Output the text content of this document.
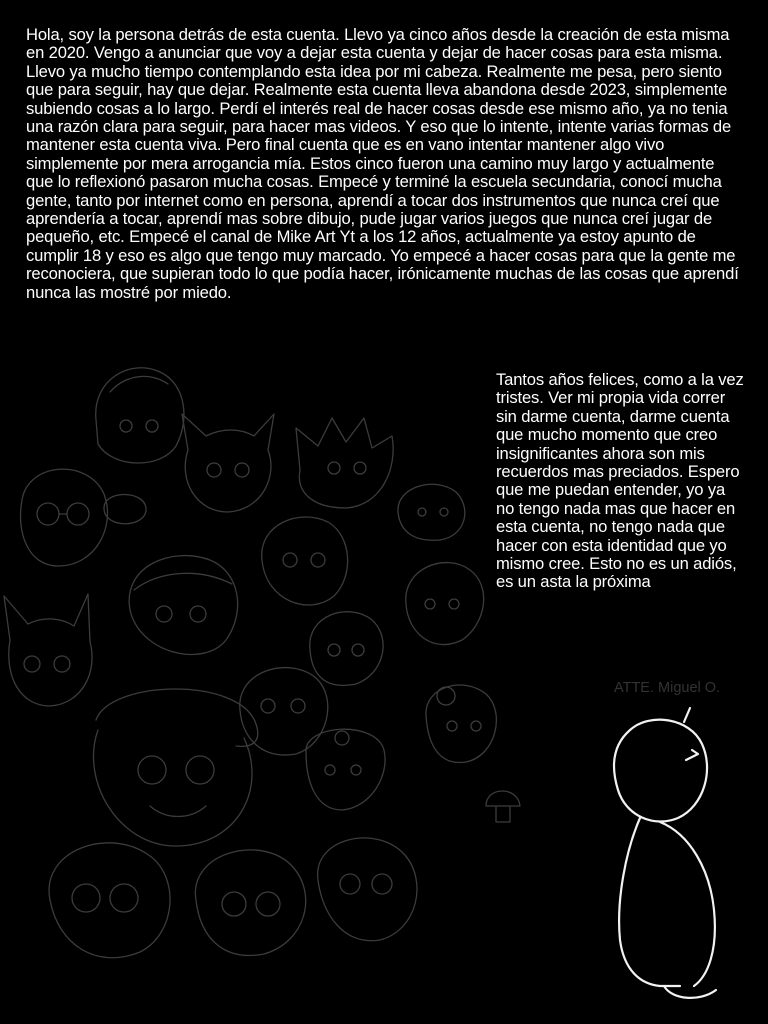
Hola, soy la persona detrás de esta cuenta. Llevo ya cinco años desde la creación de esta misma en 2020. Vengo a anunciar que voy a dejar esta cuenta y dejar de hacer cosas para esta misma. Llevo ya mucho tiempo contemplando esta idea por mi cabeza. Realmente me pesa, pero siento que para seguir, hay que dejar. Realmente esta cuenta lleva abandona desde 2023, simplemente subiendo cosas a lo largo. Perdí el interés real de hacer cosas desde ese mismo año, ya no tenia una razón clara para seguir, para hacer mas videos. Y eso que lo intente, intente varias formas de mantener esta cuenta viva. Pero final cuenta que es en vano intentar mantener algo vivo simplemente por mera arrogancia mía. Estos cinco fueron una camino muy largo y actualmente que lo reflexionó pasaron mucha cosas. Empecé y terminé la escuela secundaria, conocí mucha gente, tanto por internet como en persona, aprendí a tocar dos instrumentos que nunca creí que aprendería a tocar, aprendí mas sobre dibujo, pude jugar varios juegos que nunca creí jugar de pequeño, etc. Empecé el canal de Mike Art Yt a los 12 años, actualmente ya estoy apunto de cumplir 18 y eso es algo que tengo muy marcado. Yo empecé a hacer cosas para que la gente me reconociera, que supieran todo lo que podía hacer, irónicamente muchas de las cosas que aprendí nunca las mostré por miedo.

Tantos años felices, como a la vez tristes. Ver mi propia vida correr sin darme cuenta, darme cuenta que mucho momento que creo insignificantes ahora son mis recuerdos mas preciados. Espero que me puedan entender, yo ya no tengo nada mas que hacer en esta cuenta, no tengo nada que hacer con esta identidad que yo mismo cree. Esto no es un adiós, es un asta la próxima

ATTE. Miguel O.
